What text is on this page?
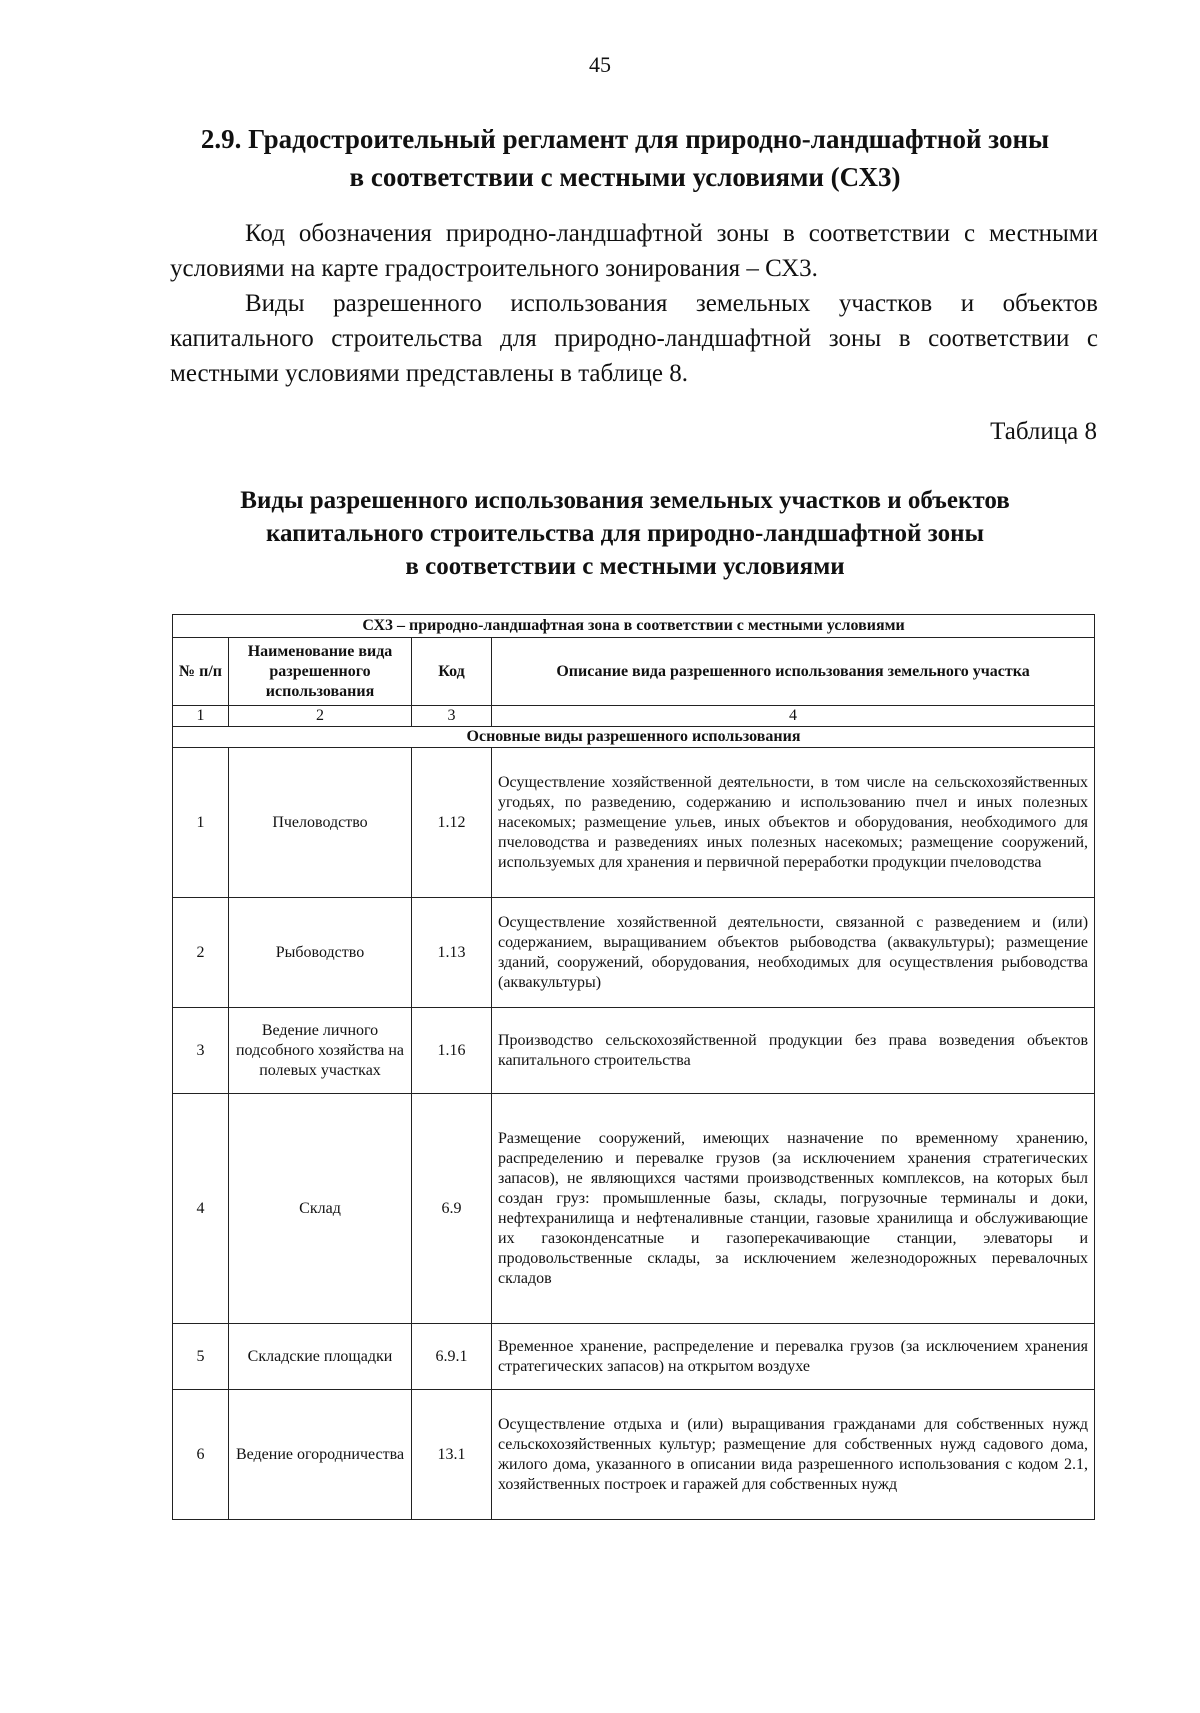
45
2.9. Градостроительный регламент для природно-ландшафтной зоны
в соответствии с местными условиями (СХ3)
Код обозначения природно-ландшафтной зоны в соответствии с местными условиями на карте градостроительного зонирования – СХ3.
Виды разрешенного использования земельных участков и объектов капитального строительства для природно-ландшафтной зоны в соответствии с местными условиями представлены в таблице 8.
Таблица 8
Виды разрешенного использования земельных участков и объектов
капитального строительства для природно-ландшафтной зоны
в соответствии с местными условиями
СХ3 – природно-ландшафтная зона в соответствии с местными условиями			
№ п/п	Наименование вида разрешенного использования	Код	Описание вида разрешенного использования земельного участка
1	2	3	4
Основные виды разрешенного использования			
1	Пчеловодство	1.12	Осуществление хозяйственной деятельности, в том числе на сельскохозяйственных угодьях, по разведению, содержанию и использованию пчел и иных полезных насекомых; размещение ульев, иных объектов и оборудования, необходимого для пчеловодства и разведениях иных полезных насекомых; размещение сооружений, используемых для хранения и первичной переработки продукции пчеловодства
2	Рыбоводство	1.13	Осуществление хозяйственной деятельности, связанной с разведением и (или) содержанием, выращиванием объектов рыбоводства (аквакультуры); размещение зданий, сооружений, оборудования, необходимых для осуществления рыбоводства (аквакультуры)
3	Ведение личного подсобного хозяйства на полевых участках	1.16	Производство сельскохозяйственной продукции без права возведения объектов капитального строительства
4	Склад	6.9	Размещение сооружений, имеющих назначение по временному хранению, распределению и перевалке грузов (за исключением хранения стратегических запасов), не являющихся частями производственных комплексов, на которых был создан груз: промышленные базы, склады, погрузочные терминалы и доки, нефтехранилища и нефтеналивные станции, газовые хранилища и обслуживающие их газоконденсатные и газоперекачивающие станции, элеваторы и продовольственные склады, за исключением железнодорожных перевалочных складов
5	Складские площадки	6.9.1	Временное хранение, распределение и перевалка грузов (за исключением хранения стратегических запасов) на открытом воздухе
6	Ведение огородничества	13.1	Осуществление отдыха и (или) выращивания гражданами для собственных нужд сельскохозяйственных культур; размещение для собственных нужд садового дома, жилого дома, указанного в описании вида разрешенного использования с кодом 2.1, хозяйственных построек и гаражей для собственных нужд
